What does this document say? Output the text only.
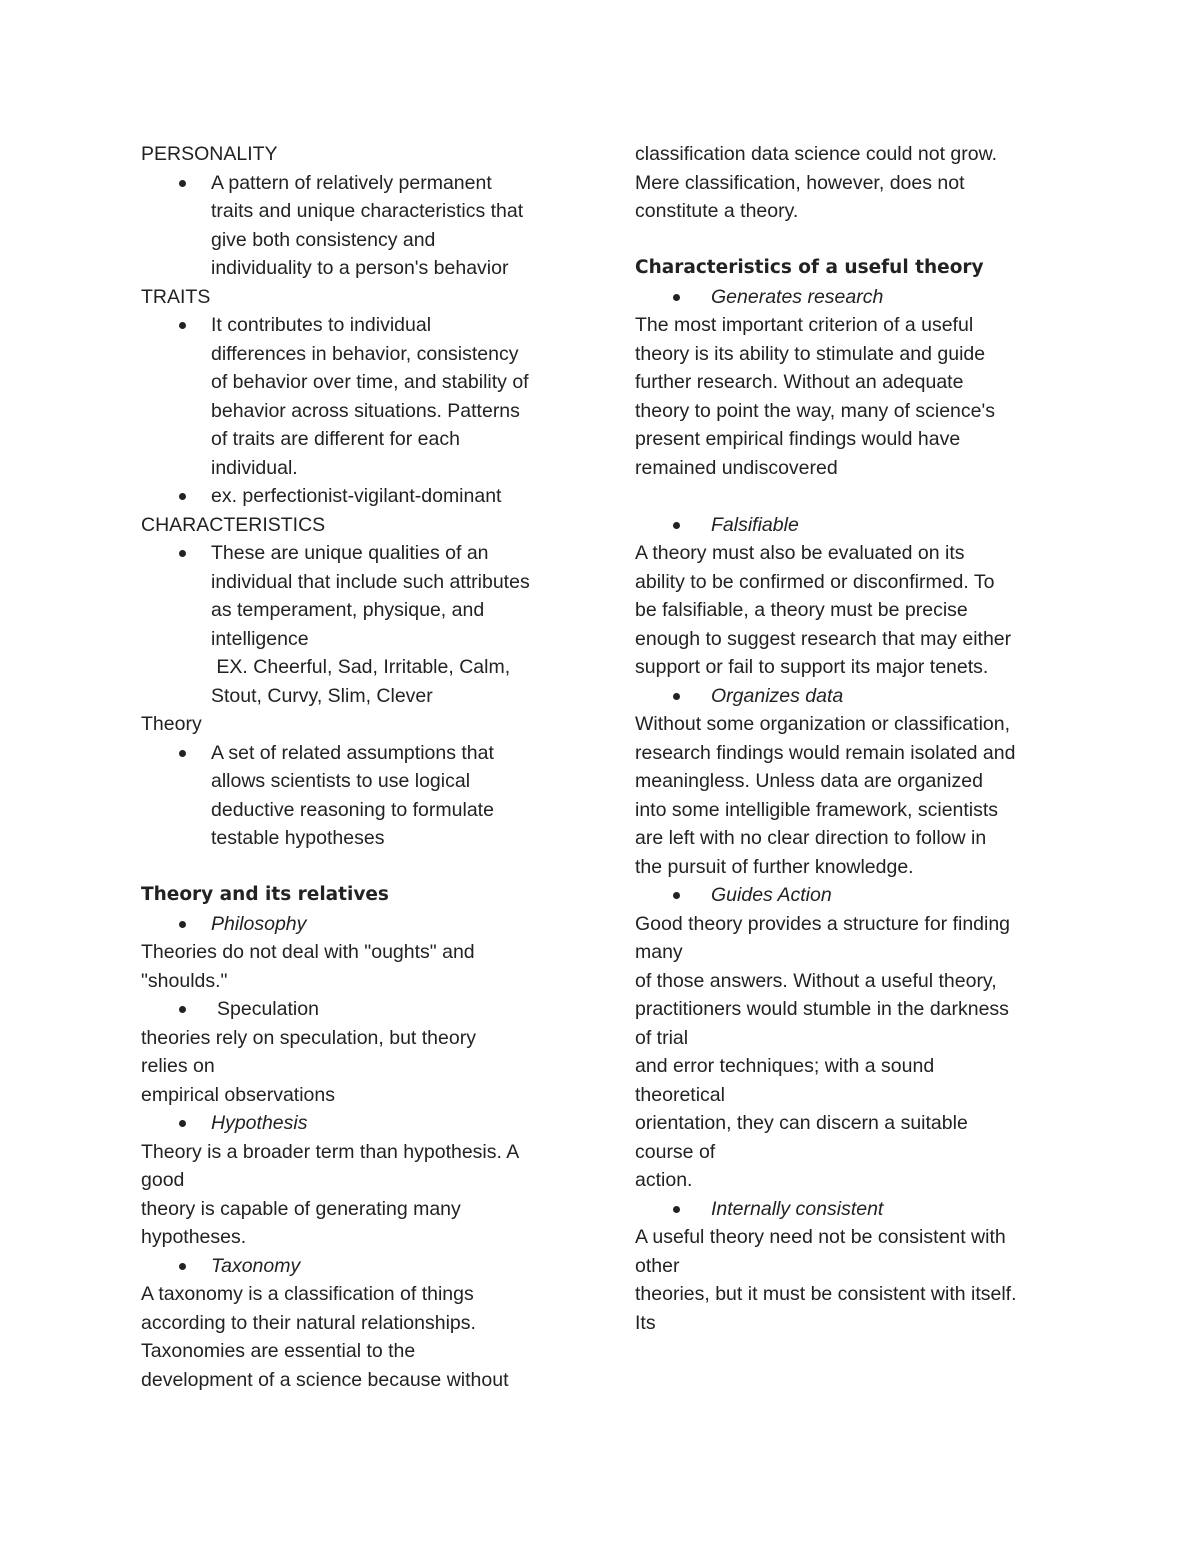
PERSONALITY
A pattern of relatively permanent
traits and unique characteristics that
give both consistency and
individuality to a person's behavior
TRAITS
It contributes to individual
differences in behavior, consistency
of behavior over time, and stability of
behavior across situations. Patterns
of traits are different for each
individual.
ex. perfectionist-vigilant-dominant
CHARACTERISTICS
These are unique qualities of an
individual that include such attributes
as temperament, physique, and
intelligence
EX. Cheerful, Sad, Irritable, Calm,
Stout, Curvy, Slim, Clever
Theory
A set of related assumptions that
allows scientists to use logical
deductive reasoning to formulate
testable hypotheses
Theory and its relatives
Philosophy
Theories do not deal with "oughts" and
"shoulds."
Speculation
theories rely on speculation, but theory
relies on
empirical observations
Hypothesis
Theory is a broader term than hypothesis. A
good
theory is capable of generating many
hypotheses.
Taxonomy
A taxonomy is a classification of things
according to their natural relationships.
Taxonomies are essential to the
development of a science because without
classification data science could not grow.
Mere classification, however, does not
constitute a theory.
Characteristics of a useful theory
Generates research
The most important criterion of a useful
theory is its ability to stimulate and guide
further research. Without an adequate
theory to point the way, many of science's
present empirical findings would have
remained undiscovered
Falsifiable
A theory must also be evaluated on its
ability to be confirmed or disconfirmed. To
be falsifiable, a theory must be precise
enough to suggest research that may either
support or fail to support its major tenets.
Organizes data
Without some organization or classification,
research findings would remain isolated and
meaningless. Unless data are organized
into some intelligible framework, scientists
are left with no clear direction to follow in
the pursuit of further knowledge.
Guides Action
Good theory provides a structure for finding
many
of those answers. Without a useful theory,
practitioners would stumble in the darkness
of trial
and error techniques; with a sound
theoretical
orientation, they can discern a suitable
course of
action.
Internally consistent
A useful theory need not be consistent with
other
theories, but it must be consistent with itself.
Its
